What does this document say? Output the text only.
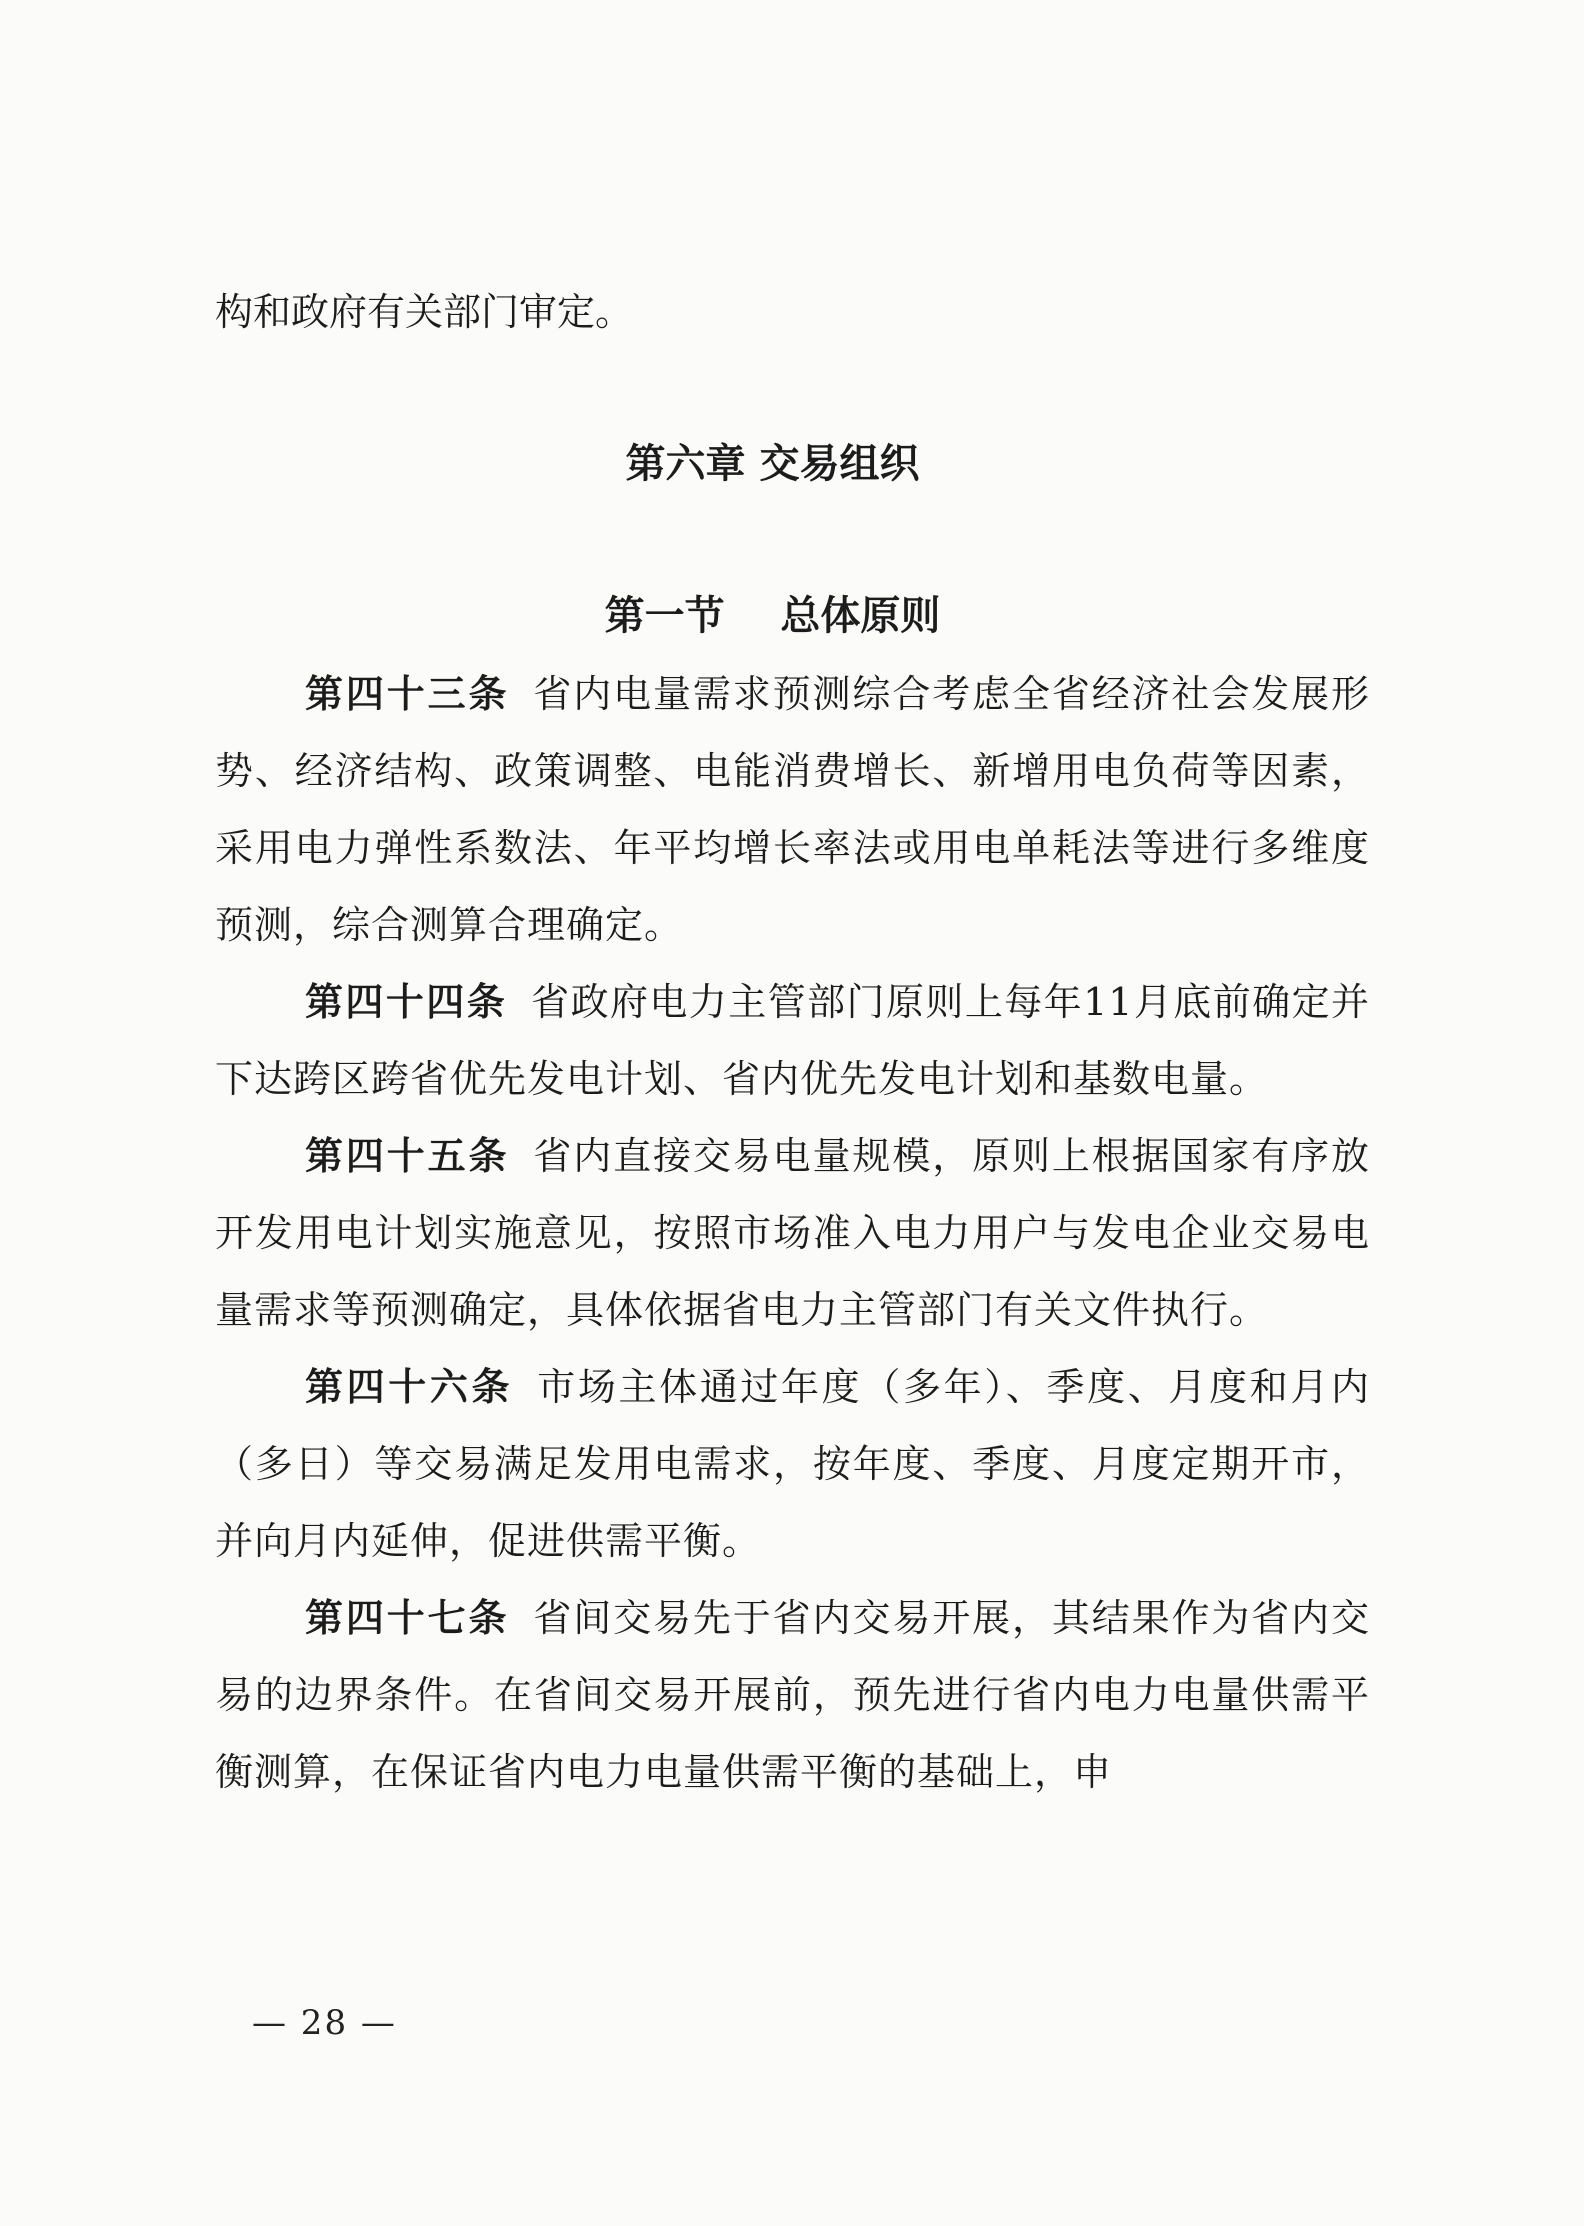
构和政府有关部门审定。

第六章 交易组织
第一节    总体原则

第四十三条 省内电量需求预测综合考虑全省经济社会发展形势、经济结构、政策调整、电能消费增长、新增用电负荷等因素，采用电力弹性系数法、年平均增长率法或用电单耗法等进行多维度预测，综合测算合理确定。

第四十四条 省政府电力主管部门原则上每年11月底前确定并下达跨区跨省优先发电计划、省内优先发电计划和基数电量。

第四十五条 省内直接交易电量规模，原则上根据国家有序放开发用电计划实施意见，按照市场准入电力用户与发电企业交易电量需求等预测确定，具体依据省电力主管部门有关文件执行。

第四十六条 市场主体通过年度（多年）、季度、月度和月内（多日）等交易满足发用电需求，按年度、季度、月度定期开市，并向月内延伸，促进供需平衡。

第四十七条 省间交易先于省内交易开展，其结果作为省内交易的边界条件。在省间交易开展前，预先进行省内电力电量供需平衡测算，在保证省内电力电量供需平衡的基础上，申

— 28 —
